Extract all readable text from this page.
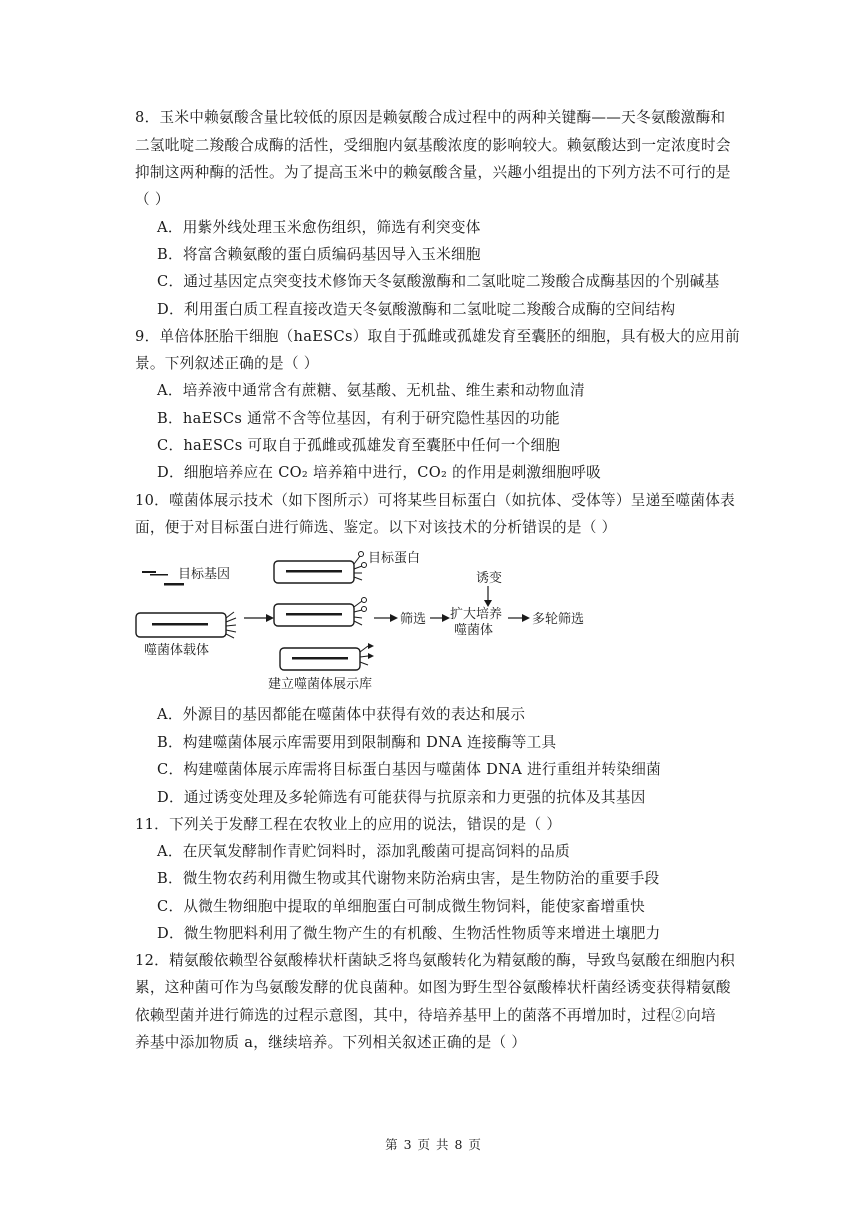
8．玉米中赖氨酸含量比较低的原因是赖氨酸合成过程中的两种关键酶——天冬氨酸激酶和
二氢吡啶二羧酸合成酶的活性，受细胞内氨基酸浓度的影响较大。赖氨酸达到一定浓度时会
抑制这两种酶的活性。为了提高玉米中的赖氨酸含量，兴趣小组提出的下列方法不可行的是
（ ）
A．用紫外线处理玉米愈伤组织，筛选有利突变体
B．将富含赖氨酸的蛋白质编码基因导入玉米细胞
C．通过基因定点突变技术修饰天冬氨酸激酶和二氢吡啶二羧酸合成酶基因的个别碱基
D．利用蛋白质工程直接改造天冬氨酸激酶和二氢吡啶二羧酸合成酶的空间结构
9．单倍体胚胎干细胞（haESCs）取自于孤雌或孤雄发育至囊胚的细胞，具有极大的应用前
景。下列叙述正确的是（ ）
A．培养液中通常含有蔗糖、氨基酸、无机盐、维生素和动物血清
B．haESCs 通常不含等位基因，有利于研究隐性基因的功能
C．haESCs 可取自于孤雌或孤雄发育至囊胚中任何一个细胞
D．细胞培养应在 CO₂ 培养箱中进行，CO₂ 的作用是刺激细胞呼吸
10．噬菌体展示技术（如下图所示）可将某些目标蛋白（如抗体、受体等）呈递至噬菌体表
面，便于对目标蛋白进行筛选、鉴定。以下对该技术的分析错误的是（ ）
目标基因
噬菌体载体
目标蛋白
建立噬菌体展示库
筛选
诱变
扩大培养
噬菌体
多轮筛选
A．外源目的基因都能在噬菌体中获得有效的表达和展示
B．构建噬菌体展示库需要用到限制酶和 DNA 连接酶等工具
C．构建噬菌体展示库需将目标蛋白基因与噬菌体 DNA 进行重组并转染细菌
D．通过诱变处理及多轮筛选有可能获得与抗原亲和力更强的抗体及其基因
11．下列关于发酵工程在农牧业上的应用的说法，错误的是（ ）
A．在厌氧发酵制作青贮饲料时，添加乳酸菌可提高饲料的品质
B．微生物农药利用微生物或其代谢物来防治病虫害，是生物防治的重要手段
C．从微生物细胞中提取的单细胞蛋白可制成微生物饲料，能使家畜增重快
D．微生物肥料利用了微生物产生的有机酸、生物活性物质等来增进土壤肥力
12．精氨酸依赖型谷氨酸棒状杆菌缺乏将鸟氨酸转化为精氨酸的酶，导致鸟氨酸在细胞内积
累，这种菌可作为鸟氨酸发酵的优良菌种。如图为野生型谷氨酸棒状杆菌经诱变获得精氨酸
依赖型菌并进行筛选的过程示意图，其中，待培养基甲上的菌落不再增加时，过程②向培
养基中添加物质 a，继续培养。下列相关叙述正确的是（ ）
第 3 页 共 8 页
